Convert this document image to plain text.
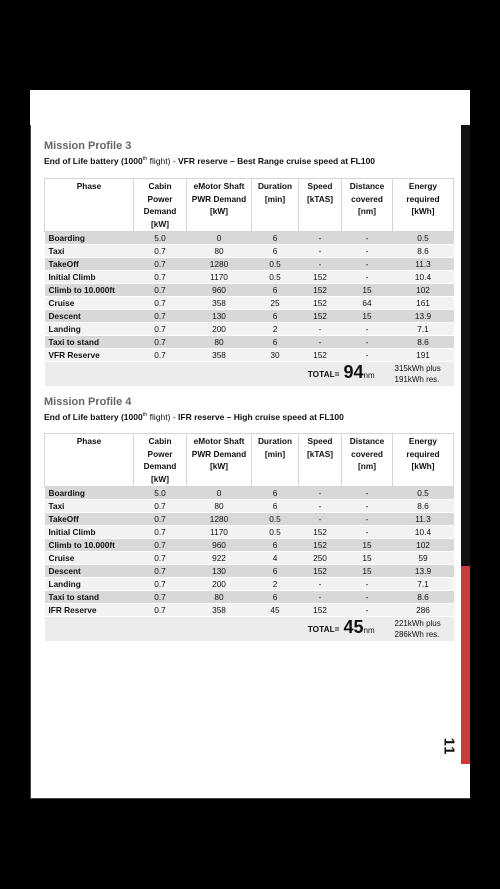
11

Mission Profile 3

End of Life battery (1000th flight) - VFR reserve – Best Range cruise speed at FL100

Phase	Cabin Power Demand [kW]	eMotor Shaft PWR Demand [kW]	Duration [min]	Speed [kTAS]	Distance covered [nm]	Energy required [kWh]
Boarding	5.0	0	6	-	-	0.5
Taxi	0.7	80	6	-	-	8.6
TakeOff	0.7	1280	0.5	-	-	11.3
Initial Climb	0.7	1170	0.5	152	-	10.4
Climb to 10.000ft	0.7	960	6	152	15	102
Cruise	0.7	358	25	152	64	161
Descent	0.7	130	6	152	15	13.9
Landing	0.7	200	2	-	-	7.1
Taxi to stand	0.7	80	6	-	-	8.6
VFR Reserve	0.7	358	30	152	-	191
TOTAL=					94nm	315kWh plus
191kWh res.

Mission Profile 4

End of Life battery (1000th flight) - IFR reserve – High cruise speed at FL100

Phase	Cabin Power Demand [kW]	eMotor Shaft PWR Demand [kW]	Duration [min]	Speed [kTAS]	Distance covered [nm]	Energy required [kWh]
Boarding	5.0	0	6	-	-	0.5
Taxi	0.7	80	6	-	-	8.6
TakeOff	0.7	1280	0.5	-	-	11.3
Initial Climb	0.7	1170	0.5	152	-	10.4
Climb to 10.000ft	0.7	960	6	152	15	102
Cruise	0.7	922	4	250	15	59
Descent	0.7	130	6	152	15	13.9
Landing	0.7	200	2	-	-	7.1
Taxi to stand	0.7	80	6	-	-	8.6
IFR Reserve	0.7	358	45	152	-	286
TOTAL=					45nm	221kWh plus
286kWh res.
